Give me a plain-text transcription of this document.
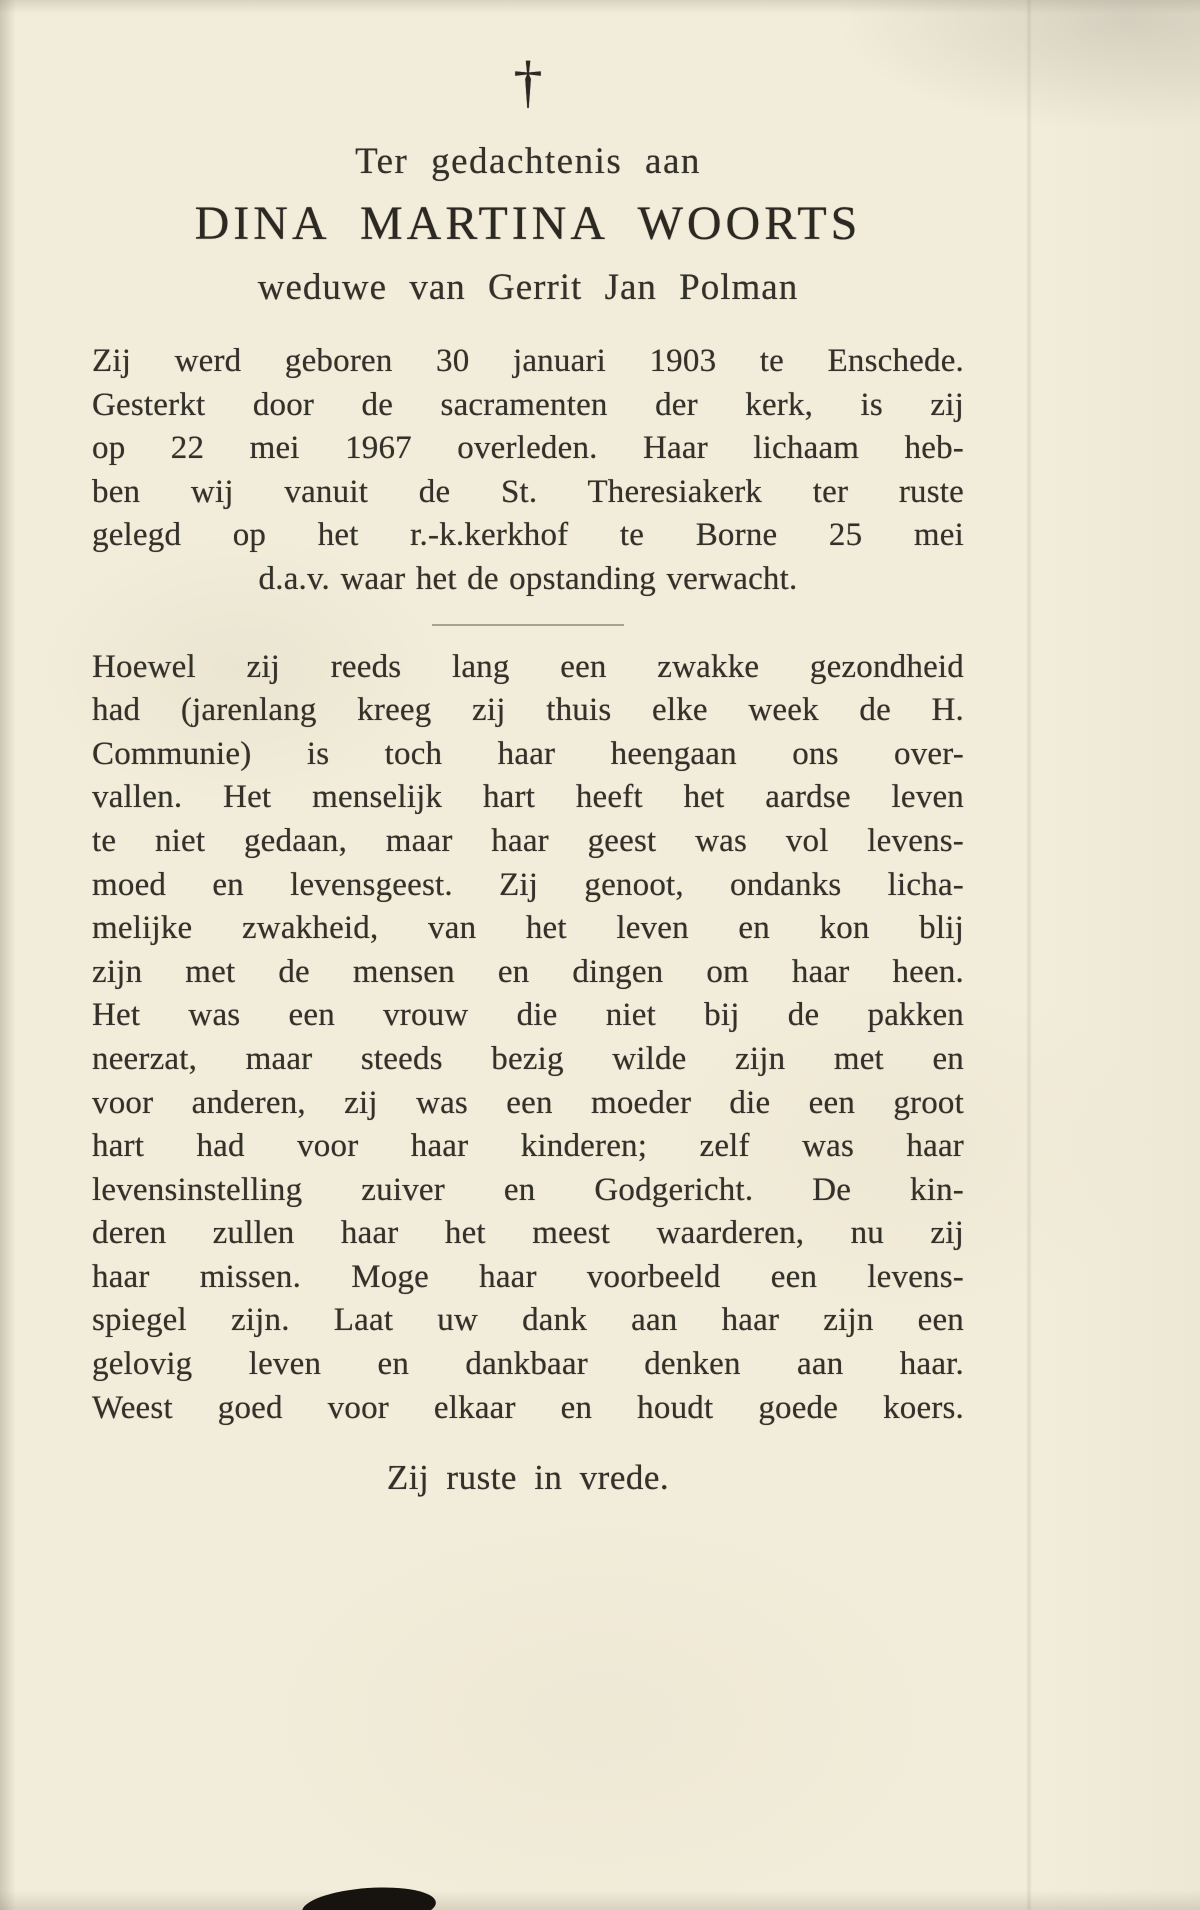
†
Ter gedachtenis aan
DINA MARTINA WOORTS
weduwe van Gerrit Jan Polman
Zij werd geboren 30 januari 1903 te Enschede.
Gesterkt door de sacramenten der kerk, is zij
op 22 mei 1967 overleden. Haar lichaam heb-
ben wij vanuit de St. Theresiakerk ter ruste
gelegd op het r.-k.kerkhof te Borne 25 mei
d.a.v. waar het de opstanding verwacht.
Hoewel zij reeds lang een zwakke gezondheid
had (jarenlang kreeg zij thuis elke week de H.
Communie) is toch haar heengaan ons over-
vallen. Het menselijk hart heeft het aardse leven
te niet gedaan, maar haar geest was vol levens-
moed en levensgeest. Zij genoot, ondanks licha-
melijke zwakheid, van het leven en kon blij
zijn met de mensen en dingen om haar heen.
Het was een vrouw die niet bij de pakken
neerzat, maar steeds bezig wilde zijn met en
voor anderen, zij was een moeder die een groot
hart had voor haar kinderen; zelf was haar
levensinstelling zuiver en Godgericht. De kin-
deren zullen haar het meest waarderen, nu zij
haar missen. Moge haar voorbeeld een levens-
spiegel zijn. Laat uw dank aan haar zijn een
gelovig leven en dankbaar denken aan haar.
Weest goed voor elkaar en houdt goede koers.
Zij ruste in vrede.
